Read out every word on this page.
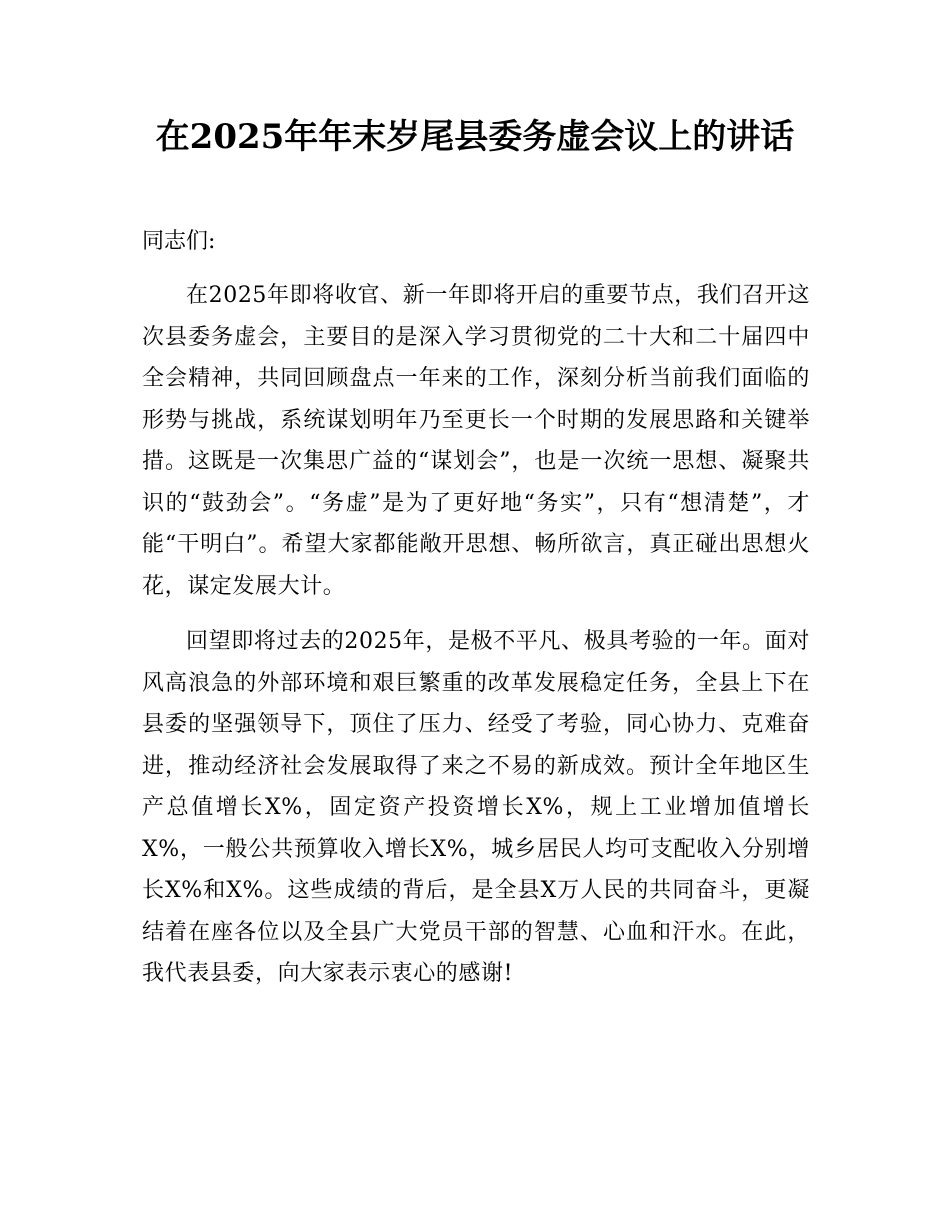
在2025年年末岁尾县委务虚会议上的讲话

同志们:

在2025年即将收官、新一年即将开启的重要节点，我们召开这次县委务虚会，主要目的是深入学习贯彻党的二十大和二十届四中全会精神，共同回顾盘点一年来的工作，深刻分析当前我们面临的形势与挑战，系统谋划明年乃至更长一个时期的发展思路和关键举措。这既是一次集思广益的“谋划会”，也是一次统一思想、凝聚共识的“鼓劲会”。“务虚”是为了更好地“务实”，只有“想清楚”，才能“干明白”。希望大家都能敞开思想、畅所欲言，真正碰出思想火花，谋定发展大计。

回望即将过去的2025年，是极不平凡、极具考验的一年。面对风高浪急的外部环境和艰巨繁重的改革发展稳定任务，全县上下在县委的坚强领导下，顶住了压力、经受了考验，同心协力、克难奋进，推动经济社会发展取得了来之不易的新成效。预计全年地区生产总值增长X%，固定资产投资增长X%，规上工业增加值增长X%，一般公共预算收入增长X%，城乡居民人均可支配收入分别增长X%和X%。这些成绩的背后，是全县X万人民的共同奋斗，更凝结着在座各位以及全县广大党员干部的智慧、心血和汗水。在此，我代表县委，向大家表示衷心的感谢!
